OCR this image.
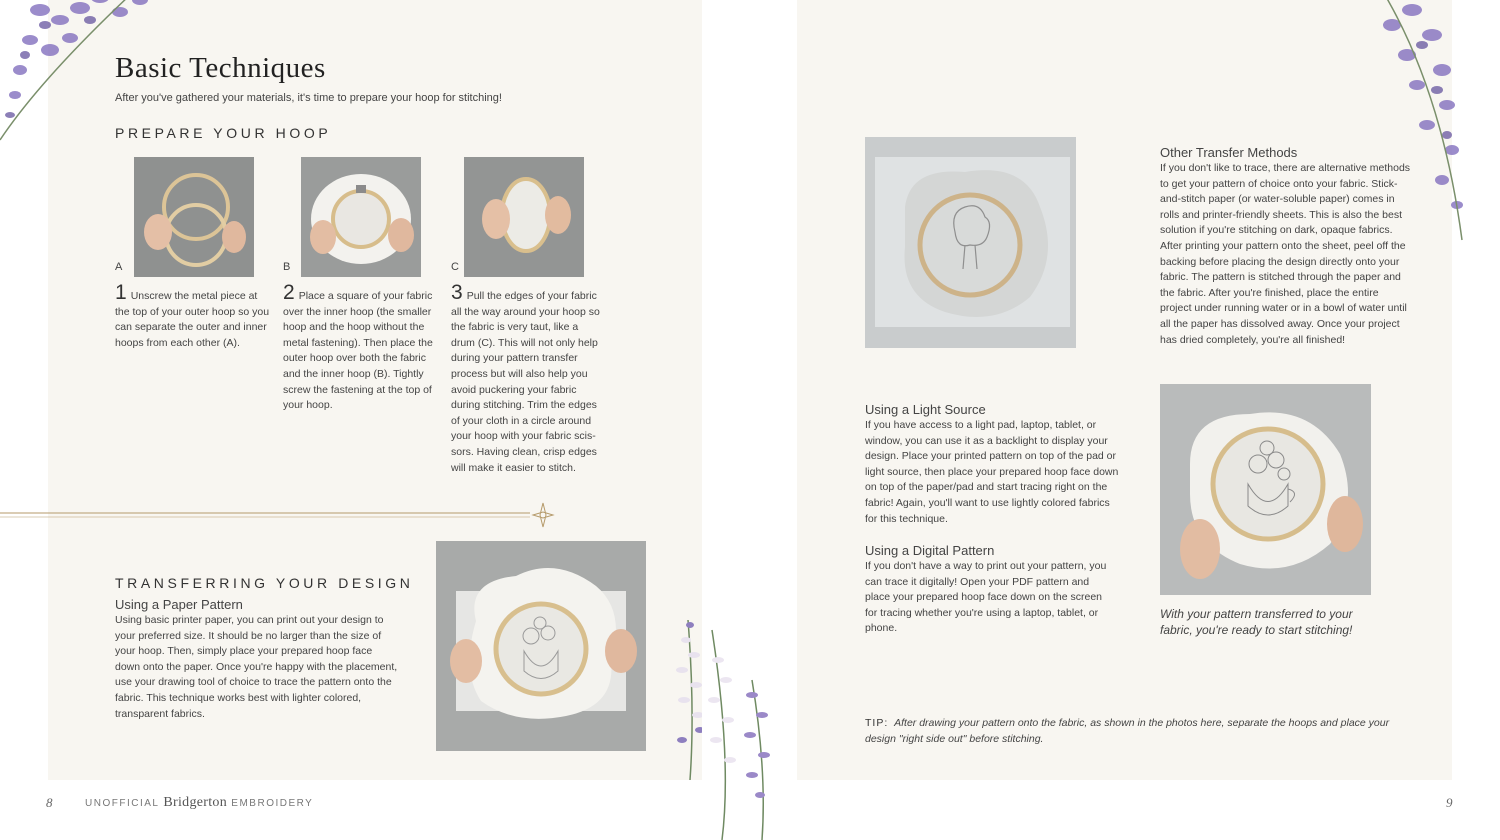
Basic Techniques
After you've gathered your materials, it's time to prepare your hoop for stitching!
PREPARE YOUR HOOP
A
1 Unscrew the metal piece at the top of your outer hoop so you can separate the outer and inner hoops from each other (A).
B
2 Place a square of your fabric over the inner hoop (the smaller hoop and the hoop without the metal fastening). Then place the outer hoop over both the fabric and the inner hoop (B). Tightly screw the fastening at the top of your hoop.
C
3 Pull the edges of your fabric all the way around your hoop so the fabric is very taut, like a drum (C). This will not only help during your pattern transfer process but will also help you avoid puckering your fabric during stitching. Trim the edges of your cloth in a circle around your hoop with your fabric scis-sors. Having clean, crisp edges will make it easier to stitch.
TRANSFERRING YOUR DESIGN
Using a Paper Pattern
Using basic printer paper, you can print out your design to your preferred size. It should be no larger than the size of your hoop. Then, simply place your prepared hoop face down onto the paper. Once you're happy with the placement, use your drawing tool of choice to trace the pattern onto the fabric. This technique works best with lighter colored, transparent fabrics.
8
Other Transfer Methods
If you don't like to trace, there are alternative methods to get your pattern of choice onto your fabric. Stick-and-stitch paper (or water-soluble paper) comes in rolls and printer-friendly sheets. This is also the best solution if you're stitching on dark, opaque fabrics. After printing your pattern onto the sheet, peel off the backing before placing the design directly onto your fabric. The pattern is stitched through the paper and the fabric. After you're finished, place the entire project under running water or in a bowl of water until all the paper has dissolved away. Once your project has dried completely, you're all finished!
Using a Light Source
If you have access to a light pad, laptop, tablet, or window, you can use it as a backlight to display your design. Place your printed pattern on top of the pad or light source, then place your prepared hoop face down on top of the paper/pad and start tracing right on the fabric! Again, you'll want to use lightly colored fabrics for this technique.
Using a Digital Pattern
If you don't have a way to print out your pattern, you can trace it digitally! Open your PDF pattern and place your prepared hoop face down on the screen for tracing whether you're using a laptop, tablet, or phone.
With your pattern transferred to your fabric, you're ready to start stitching!
TIP: After drawing your pattern onto the fabric, as shown in the photos here, separate the hoops and place your design "right side out" before stitching.
UNOFFICIAL Bridgerton EMBROIDERY	9
